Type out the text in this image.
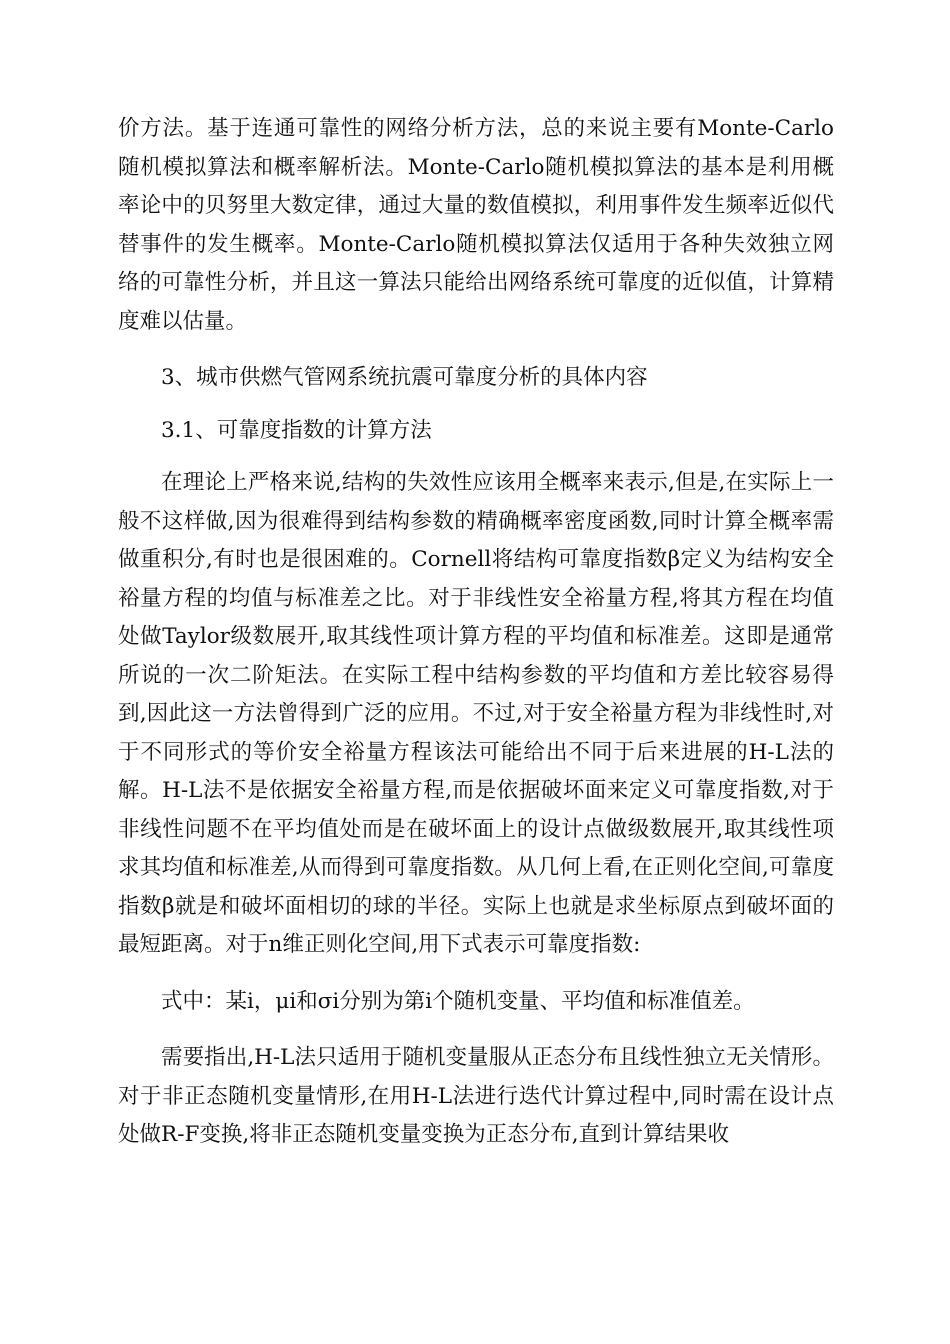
价方法。基于连通可靠性的网络分析方法，总的来说主要有Monte-Carlo随机模拟算法和概率解析法。Monte-Carlo随机模拟算法的基本是利用概率论中的贝努里大数定律，通过大量的数值模拟，利用事件发生频率近似代替事件的发生概率。Monte-Carlo随机模拟算法仅适用于各种失效独立网络的可靠性分析，并且这一算法只能给出网络系统可靠度的近似值，计算精度难以估量。

3、城市供燃气管网系统抗震可靠度分析的具体内容

3.1、可靠度指数的计算方法

在理论上严格来说,结构的失效性应该用全概率来表示,但是,在实际上一般不这样做,因为很难得到结构参数的精确概率密度函数,同时计算全概率需做重积分,有时也是很困难的。Cornell将结构可靠度指数β定义为结构安全裕量方程的均值与标准差之比。对于非线性安全裕量方程,将其方程在均值处做Taylor级数展开,取其线性项计算方程的平均值和标准差。这即是通常所说的一次二阶矩法。在实际工程中结构参数的平均值和方差比较容易得到,因此这一方法曾得到广泛的应用。不过,对于安全裕量方程为非线性时,对于不同形式的等价安全裕量方程该法可能给出不同于后来进展的H-L法的解。H-L法不是依据安全裕量方程,而是依据破坏面来定义可靠度指数,对于非线性问题不在平均值处而是在破坏面上的设计点做级数展开,取其线性项求其均值和标准差,从而得到可靠度指数。从几何上看,在正则化空间,可靠度指数β就是和破坏面相切的球的半径。实际上也就是求坐标原点到破坏面的最短距离。对于n维正则化空间,用下式表示可靠度指数:

式中：某i，μi和σi分别为第i个随机变量、平均值和标准值差。

需要指出,H-L法只适用于随机变量服从正态分布且线性独立无关情形。对于非正态随机变量情形,在用H-L法进行迭代计算过程中,同时需在设计点处做R-F变换,将非正态随机变量变换为正态分布,直到计算结果收
